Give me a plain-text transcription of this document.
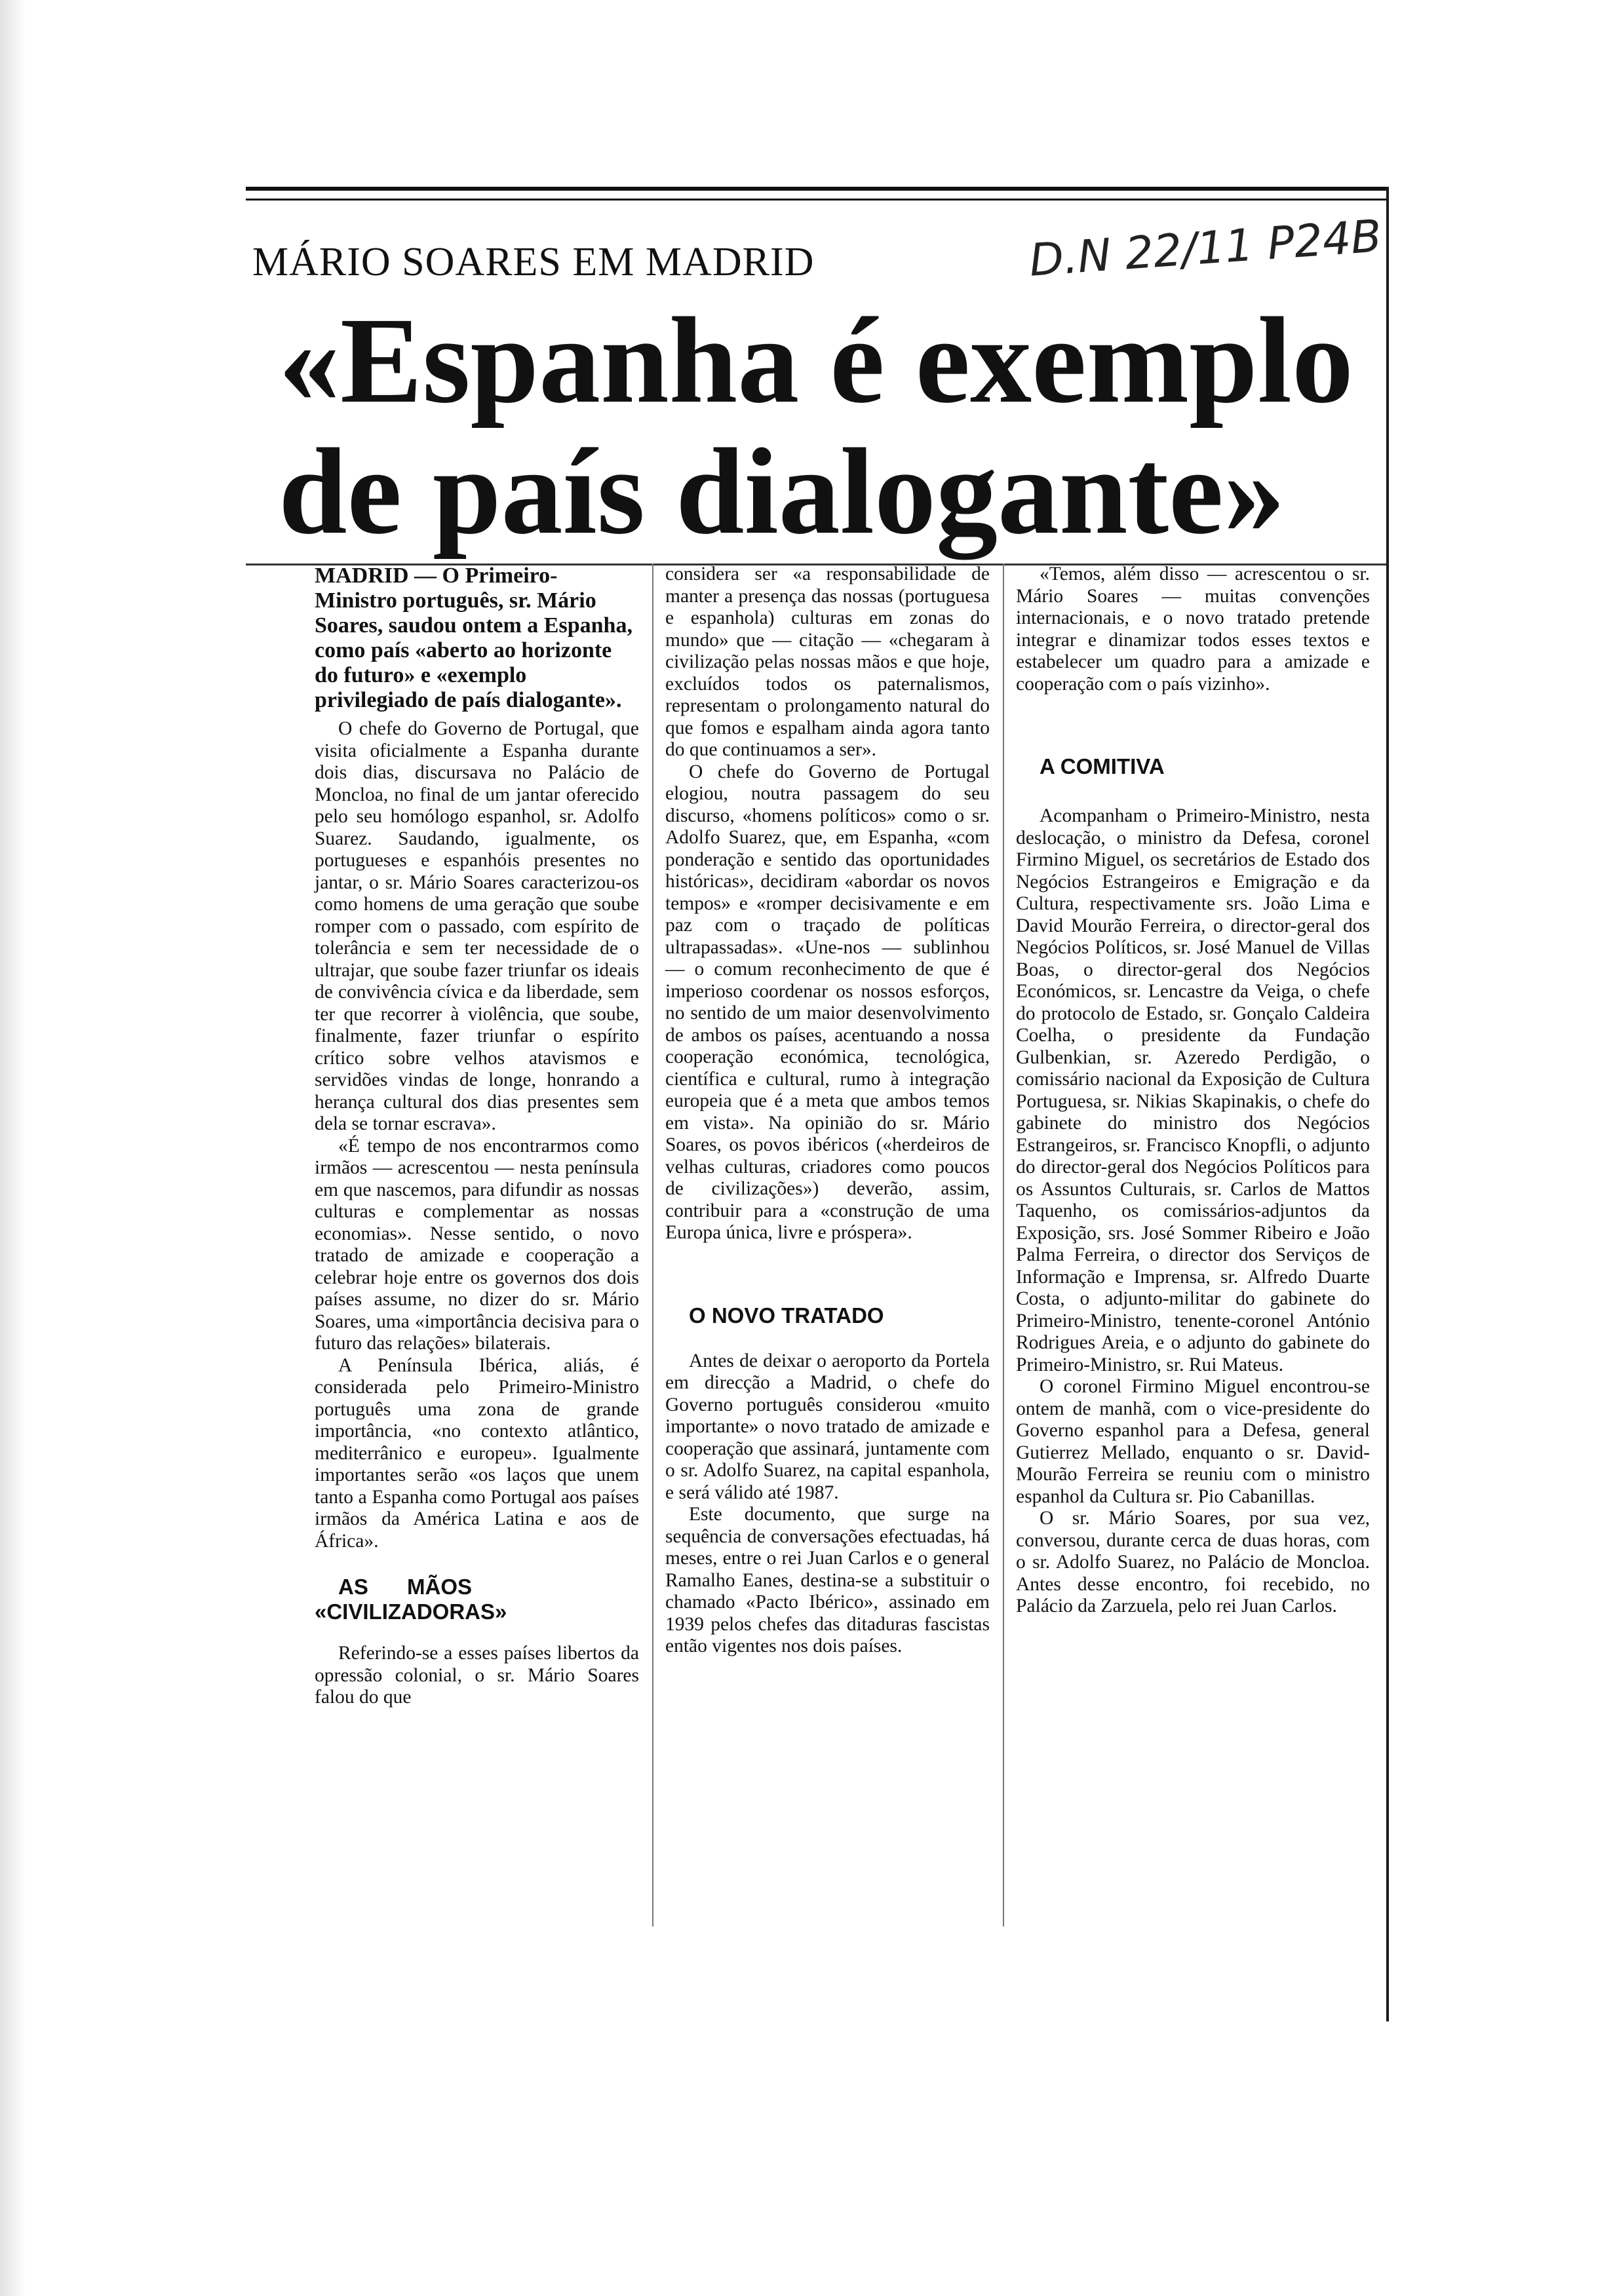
MÁRIO SOARES EM MADRID	D.N 22/11 P24B
«Espanha é exemplo de país dialogante»

MADRID — O Primeiro-Ministro português, sr. Mário Soares, saudou ontem a Espanha, como país «aberto ao horizonte do futuro» e «exemplo privilegiado de país dialogante».

O chefe do Governo de Portugal, que visita oficialmente a Espanha durante dois dias, discursava no Palácio de Moncloa, no final de um jantar oferecido pelo seu homólogo espanhol, sr. Adolfo Suarez. Saudando, igualmente, os portugueses e espanhóis presentes no jantar, o sr. Mário Soares caracterizou-os como homens de uma geração que soube romper com o passado, com espírito de tolerância e sem ter necessidade de o ultrajar, que soube fazer triunfar os ideais de convivência cívica e da liberdade, sem ter que recorrer à violência, que soube, finalmente, fazer triunfar o espírito crítico sobre velhos atavismos e servidões vindas de longe, honrando a herança cultural dos dias presentes sem dela se tornar escrava».

«É tempo de nos encontrarmos como irmãos — acrescentou — nesta península em que nascemos, para difundir as nossas culturas e complementar as nossas economias». Nesse sentido, o novo tratado de amizade e cooperação a celebrar hoje entre os governos dos dois países assume, no dizer do sr. Mário Soares, uma «importância decisiva para o futuro das relações» bilaterais.

A Península Ibérica, aliás, é considerada pelo Primeiro-Ministro português uma zona de grande importância, «no contexto atlântico, mediterrânico e europeu». Igualmente importantes serão «os laços que unem tanto a Espanha como Portugal aos países irmãos da América Latina e aos de África».

AS MÃOS «CIVILIZADORAS»

Referindo-se a esses países libertos da opressão colonial, o sr. Mário Soares falou do que

considera ser «a responsabilidade de manter a presença das nossas (portuguesa e espanhola) culturas em zonas do mundo» que — citação — «chegaram à civilização pelas nossas mãos e que hoje, excluídos todos os paternalismos, representam o prolongamento natural do que fomos e espalham ainda agora tanto do que continuamos a ser».

O chefe do Governo de Portugal elogiou, noutra passagem do seu discurso, «homens políticos» como o sr. Adolfo Suarez, que, em Espanha, «com ponderação e sentido das oportunidades históricas», decidiram «abordar os novos tempos» e «romper decisivamente e em paz com o traçado de políticas ultrapassadas». «Une-nos — sublinhou — o comum reconhecimento de que é imperioso coordenar os nossos esforços, no sentido de um maior desenvolvimento de ambos os países, acentuando a nossa cooperação económica, tecnológica, científica e cultural, rumo à integração europeia que é a meta que ambos temos em vista». Na opinião do sr. Mário Soares, os povos ibéricos («herdeiros de velhas culturas, criadores como poucos de civilizações») deverão, assim, contribuir para a «construção de uma Europa única, livre e próspera».

O NOVO TRATADO

Antes de deixar o aeroporto da Portela em direcção a Madrid, o chefe do Governo português considerou «muito importante» o novo tratado de amizade e cooperação que assinará, juntamente com o sr. Adolfo Suarez, na capital espanhola, e será válido até 1987.

Este documento, que surge na sequência de conversações efectuadas, há meses, entre o rei Juan Carlos e o general Ramalho Eanes, destina-se a substituir o chamado «Pacto Ibérico», assinado em 1939 pelos chefes das ditaduras fascistas então vigentes nos dois países.

«Temos, além disso — acrescentou o sr. Mário Soares — muitas convenções internacionais, e o novo tratado pretende integrar e dinamizar todos esses textos e estabelecer um quadro para a amizade e cooperação com o país vizinho».

A COMITIVA

Acompanham o Primeiro-Ministro, nesta deslocação, o ministro da Defesa, coronel Firmino Miguel, os secretários de Estado dos Negócios Estrangeiros e Emigração e da Cultura, respectivamente srs. João Lima e David Mourão Ferreira, o director-geral dos Negócios Políticos, sr. José Manuel de Villas Boas, o director-geral dos Negócios Económicos, sr. Lencastre da Veiga, o chefe do protocolo de Estado, sr. Gonçalo Caldeira Coelha, o presidente da Fundação Gulbenkian, sr. Azeredo Perdigão, o comissário nacional da Exposição de Cultura Portuguesa, sr. Nikias Skapinakis, o chefe do gabinete do ministro dos Negócios Estrangeiros, sr. Francisco Knopfli, o adjunto do director-geral dos Negócios Políticos para os Assuntos Culturais, sr. Carlos de Mattos Taquenho, os comissários-adjuntos da Exposição, srs. José Sommer Ribeiro e João Palma Ferreira, o director dos Serviços de Informação e Imprensa, sr. Alfredo Duarte Costa, o adjunto-militar do gabinete do Primeiro-Ministro, tenente-coronel António Rodrigues Areia, e o adjunto do gabinete do Primeiro-Ministro, sr. Rui Mateus.

O coronel Firmino Miguel encontrou-se ontem de manhã, com o vice-presidente do Governo espanhol para a Defesa, general Gutierrez Mellado, enquanto o sr. David-Mourão Ferreira se reuniu com o ministro espanhol da Cultura sr. Pio Cabanillas.

O sr. Mário Soares, por sua vez, conversou, durante cerca de duas horas, com o sr. Adolfo Suarez, no Palácio de Moncloa. Antes desse encontro, foi recebido, no Palácio da Zarzuela, pelo rei Juan Carlos.
